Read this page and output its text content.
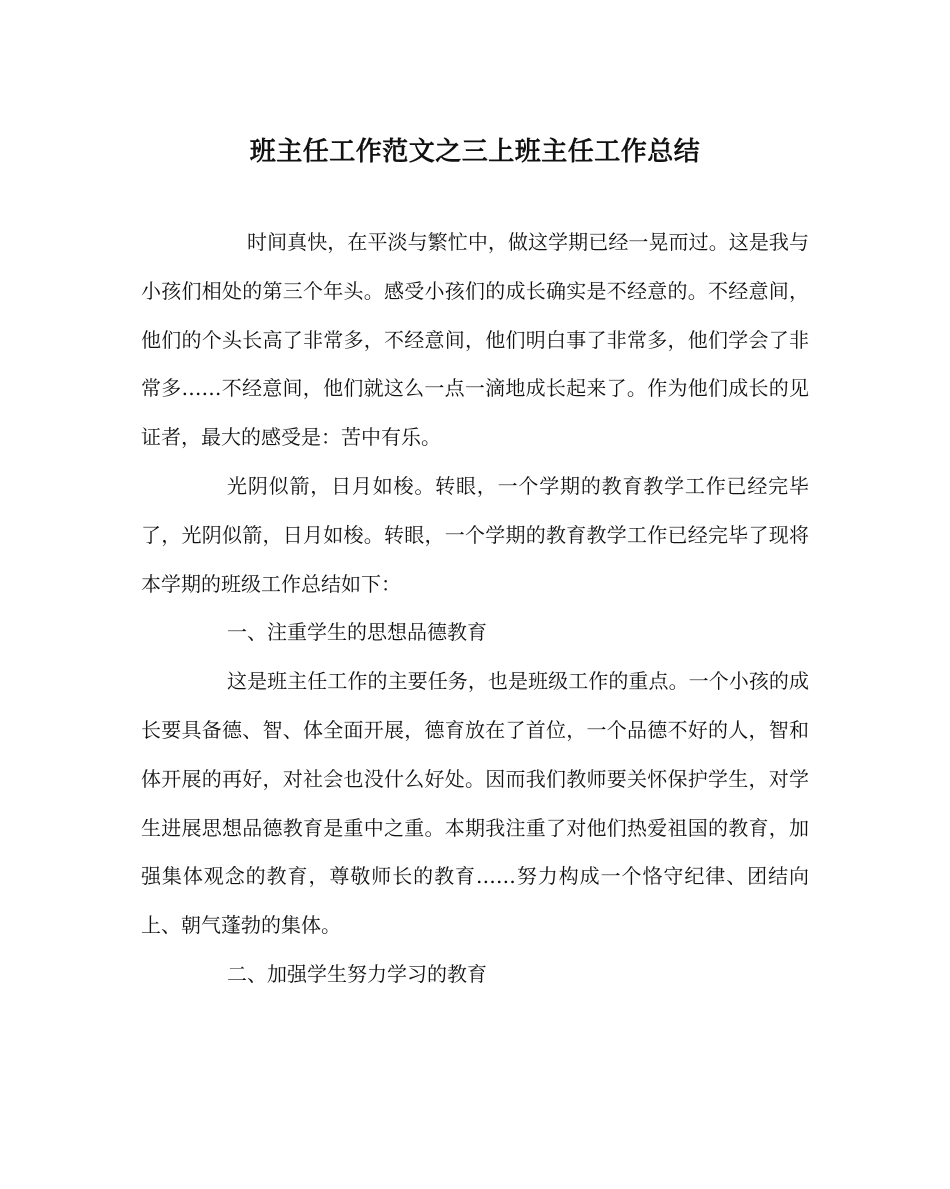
班主任工作范文之三上班主任工作总结

时间真快，在平淡与繁忙中，做这学期已经一晃而过。这是我与小孩们相处的第三个年头。感受小孩们的成长确实是不经意的。不经意间，他们的个头长高了非常多，不经意间，他们明白事了非常多，他们学会了非常多……不经意间，他们就这么一点一滴地成长起来了。作为他们成长的见证者，最大的感受是：苦中有乐。

光阴似箭，日月如梭。转眼，一个学期的教育教学工作已经完毕了，光阴似箭，日月如梭。转眼，一个学期的教育教学工作已经完毕了现将本学期的班级工作总结如下：

一、注重学生的思想品德教育

这是班主任工作的主要任务，也是班级工作的重点。一个小孩的成长要具备德、智、体全面开展，德育放在了首位，一个品德不好的人，智和体开展的再好，对社会也没什么好处。因而我们教师要关怀保护学生，对学生进展思想品德教育是重中之重。本期我注重了对他们热爱祖国的教育，加强集体观念的教育，尊敬师长的教育……努力构成一个恪守纪律、团结向上、朝气蓬勃的集体。

二、加强学生努力学习的教育
